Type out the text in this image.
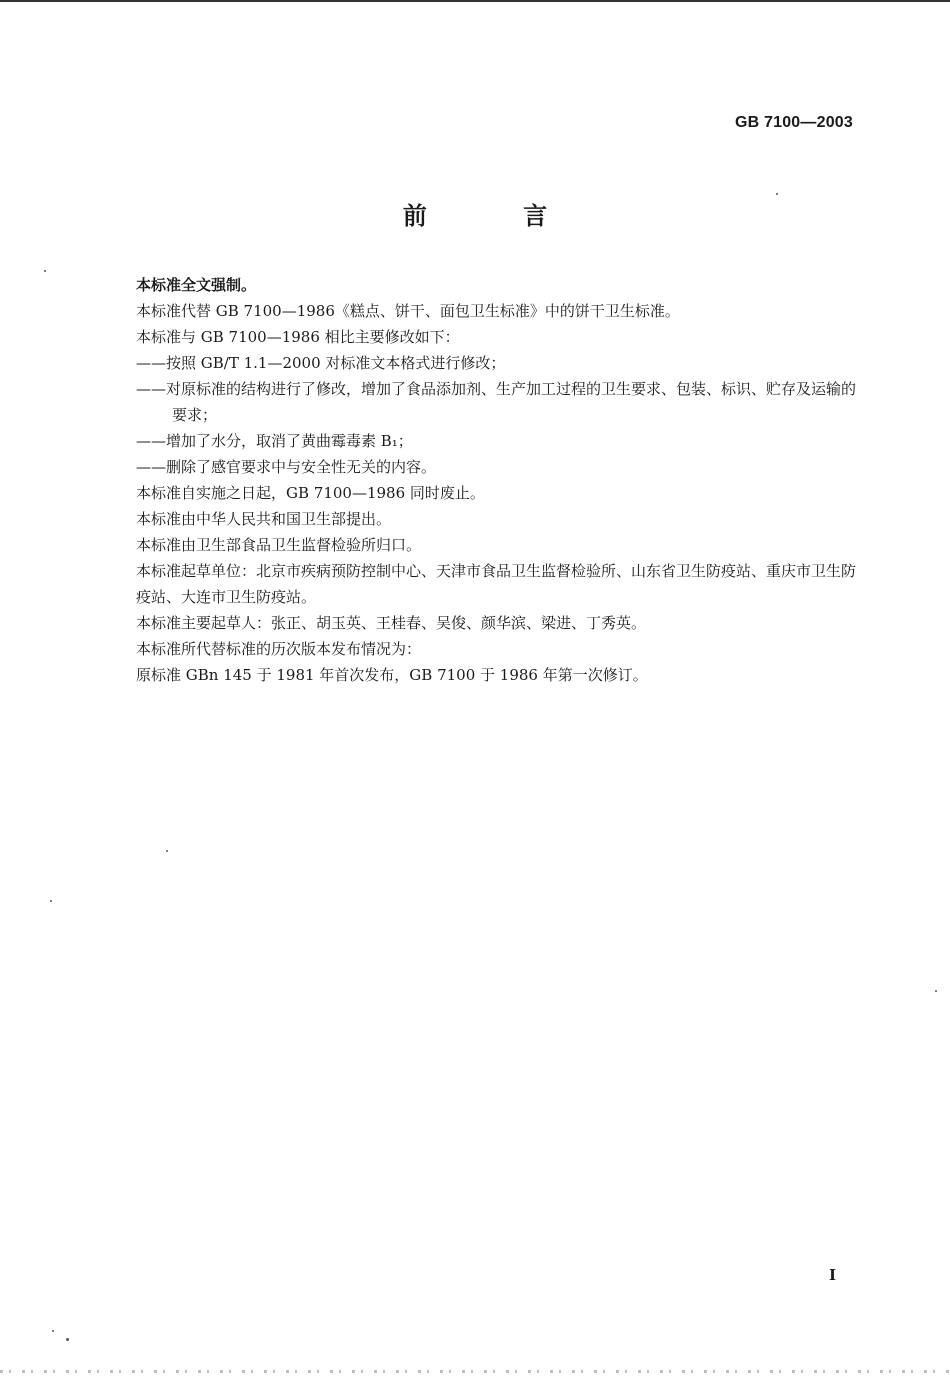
GB 7100—2003
前 言

本标准全文强制。

本标准代替 GB 7100—1986《糕点、饼干、面包卫生标准》中的饼干卫生标准。

本标准与 GB 7100—1986 相比主要修改如下：

——按照 GB/T 1.1—2000 对标准文本格式进行修改；

——对原标准的结构进行了修改，增加了食品添加剂、生产加工过程的卫生要求、包装、标识、贮存及运输的要求；

——增加了水分，取消了黄曲霉毒素 B₁；

——删除了感官要求中与安全性无关的内容。

本标准自实施之日起，GB 7100—1986 同时废止。

本标准由中华人民共和国卫生部提出。

本标准由卫生部食品卫生监督检验所归口。

本标准起草单位：北京市疾病预防控制中心、天津市食品卫生监督检验所、山东省卫生防疫站、重庆市卫生防疫站、大连市卫生防疫站。

本标准主要起草人：张正、胡玉英、王桂春、吴俊、颜华滨、梁进、丁秀英。

本标准所代替标准的历次版本发布情况为：

原标准 GBn 145 于 1981 年首次发布，GB 7100 于 1986 年第一次修订。

I
